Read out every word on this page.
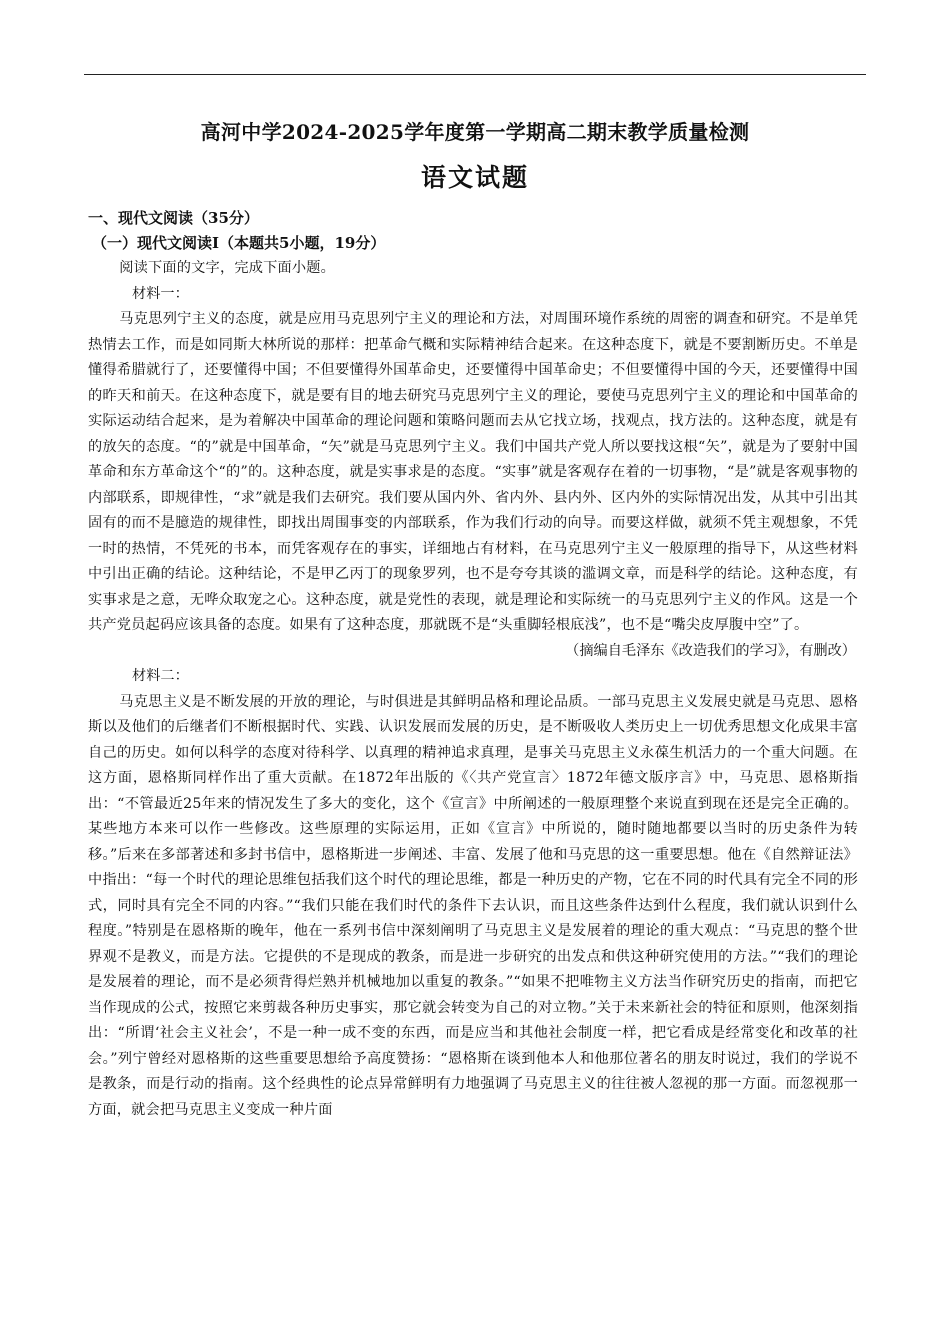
高河中学2024-2025学年度第一学期高二期末教学质量检测
语文试题
一、现代文阅读（35分）
（一）现代文阅读Ⅰ（本题共5小题，19分）

阅读下面的文字，完成下面小题。

材料一：

马克思列宁主义的态度，就是应用马克思列宁主义的理论和方法，对周围环境作系统的周密的调查和研究。不是单凭热情去工作，而是如同斯大林所说的那样：把革命气概和实际精神结合起来。在这种态度下，就是不要割断历史。不单是懂得希腊就行了，还要懂得中国；不但要懂得外国革命史，还要懂得中国革命史；不但要懂得中国的今天，还要懂得中国的昨天和前天。在这种态度下，就是要有目的地去研究马克思列宁主义的理论，要使马克思列宁主义的理论和中国革命的实际运动结合起来，是为着解决中国革命的理论问题和策略问题而去从它找立场，找观点，找方法的。这种态度，就是有的放矢的态度。“的”就是中国革命，“矢”就是马克思列宁主义。我们中国共产党人所以要找这根“矢”，就是为了要射中国革命和东方革命这个“的”的。这种态度，就是实事求是的态度。“实事”就是客观存在着的一切事物，“是”就是客观事物的内部联系，即规律性，“求”就是我们去研究。我们要从国内外、省内外、县内外、区内外的实际情况出发，从其中引出其固有的而不是臆造的规律性，即找出周围事变的内部联系，作为我们行动的向导。而要这样做，就须不凭主观想象，不凭一时的热情，不凭死的书本，而凭客观存在的事实，详细地占有材料，在马克思列宁主义一般原理的指导下，从这些材料中引出正确的结论。这种结论，不是甲乙丙丁的现象罗列，也不是夸夸其谈的滥调文章，而是科学的结论。这种态度，有实事求是之意，无哗众取宠之心。这种态度，就是党性的表现，就是理论和实际统一的马克思列宁主义的作风。这是一个共产党员起码应该具备的态度。如果有了这种态度，那就既不是“头重脚轻根底浅”，也不是“嘴尖皮厚腹中空”了。

（摘编自毛泽东《改造我们的学习》，有删改）

材料二：

马克思主义是不断发展的开放的理论，与时俱进是其鲜明品格和理论品质。一部马克思主义发展史就是马克思、恩格斯以及他们的后继者们不断根据时代、实践、认识发展而发展的历史，是不断吸收人类历史上一切优秀思想文化成果丰富自己的历史。如何以科学的态度对待科学、以真理的精神追求真理，是事关马克思主义永葆生机活力的一个重大问题。在这方面，恩格斯同样作出了重大贡献。在1872年出版的《〈共产党宣言〉1872年德文版序言》中，马克思、恩格斯指出：“不管最近25年来的情况发生了多大的变化，这个《宣言》中所阐述的一般原理整个来说直到现在还是完全正确的。某些地方本来可以作一些修改。这些原理的实际运用，正如《宣言》中所说的，随时随地都要以当时的历史条件为转移。”后来在多部著述和多封书信中，恩格斯进一步阐述、丰富、发展了他和马克思的这一重要思想。他在《自然辩证法》中指出：“每一个时代的理论思维包括我们这个时代的理论思维，都是一种历史的产物，它在不同的时代具有完全不同的形式，同时具有完全不同的内容。”“我们只能在我们时代的条件下去认识，而且这些条件达到什么程度，我们就认识到什么程度。”特别是在恩格斯的晚年，他在一系列书信中深刻阐明了马克思主义是发展着的理论的重大观点：“马克思的整个世界观不是教义，而是方法。它提供的不是现成的教条，而是进一步研究的出发点和供这种研究使用的方法。”“我们的理论是发展着的理论，而不是必须背得烂熟并机械地加以重复的教条。”“如果不把唯物主义方法当作研究历史的指南，而把它当作现成的公式，按照它来剪裁各种历史事实，那它就会转变为自己的对立物。”关于未来新社会的特征和原则，他深刻指出：“所谓‘社会主义社会’，不是一种一成不变的东西，而是应当和其他社会制度一样，把它看成是经常变化和改革的社会。”列宁曾经对恩格斯的这些重要思想给予高度赞扬：“恩格斯在谈到他本人和他那位著名的朋友时说过，我们的学说不是教条，而是行动的指南。这个经典性的论点异常鲜明有力地强调了马克思主义的往往被人忽视的那一方面。而忽视那一方面，就会把马克思主义变成一种片面
